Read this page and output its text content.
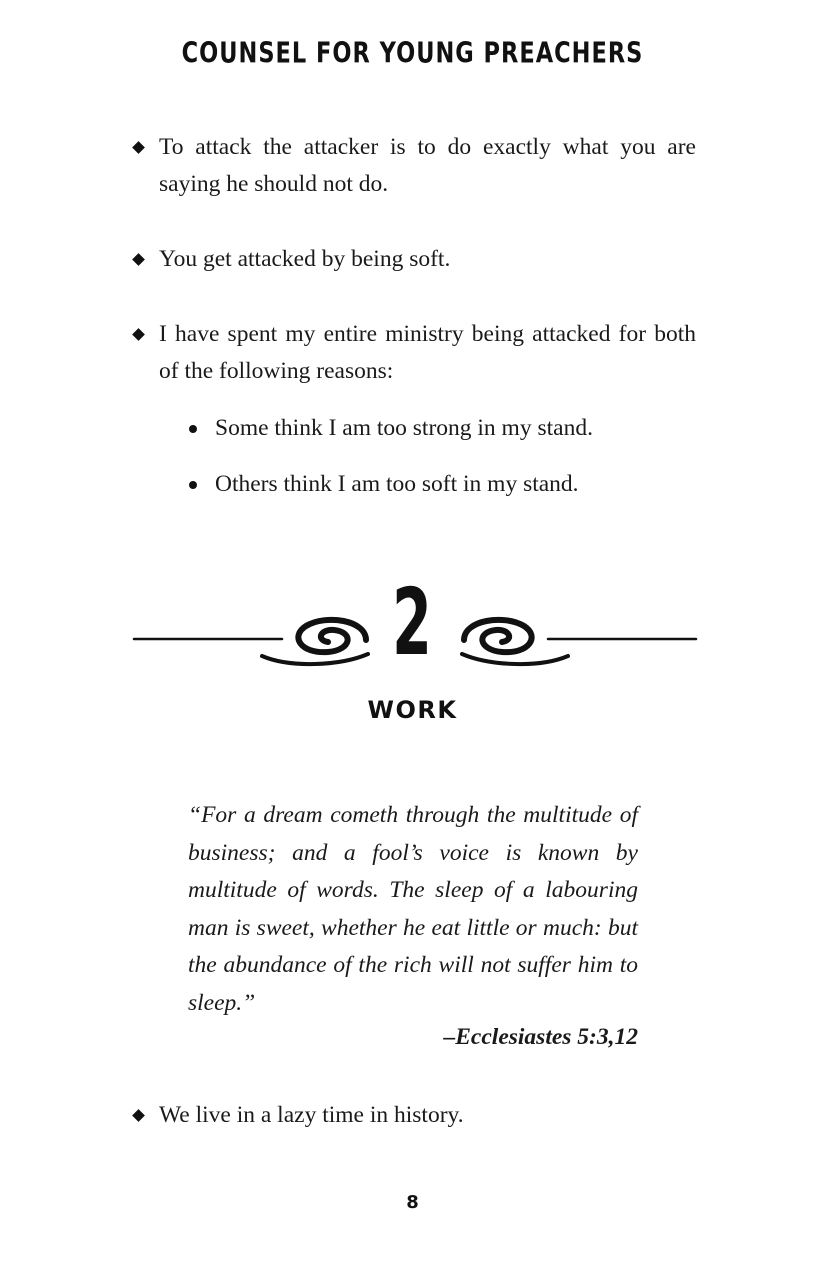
COUNSEL FOR YOUNG PREACHERS
To attack the attacker is to do exactly what you are saying he should not do.
You get attacked by being soft.
I have spent my entire ministry being attacked for both of the following reasons:
Some think I am too strong in my stand.
Others think I am too soft in my stand.
2
WORK
“For a dream cometh through the multitude of business; and a fool’s voice is known by multitude of words. The sleep of a labouring man is sweet, whether he eat little or much: but the abundance of the rich will not suffer him to sleep.”
–Ecclesiastes 5:3,12
We live in a lazy time in history.
8
